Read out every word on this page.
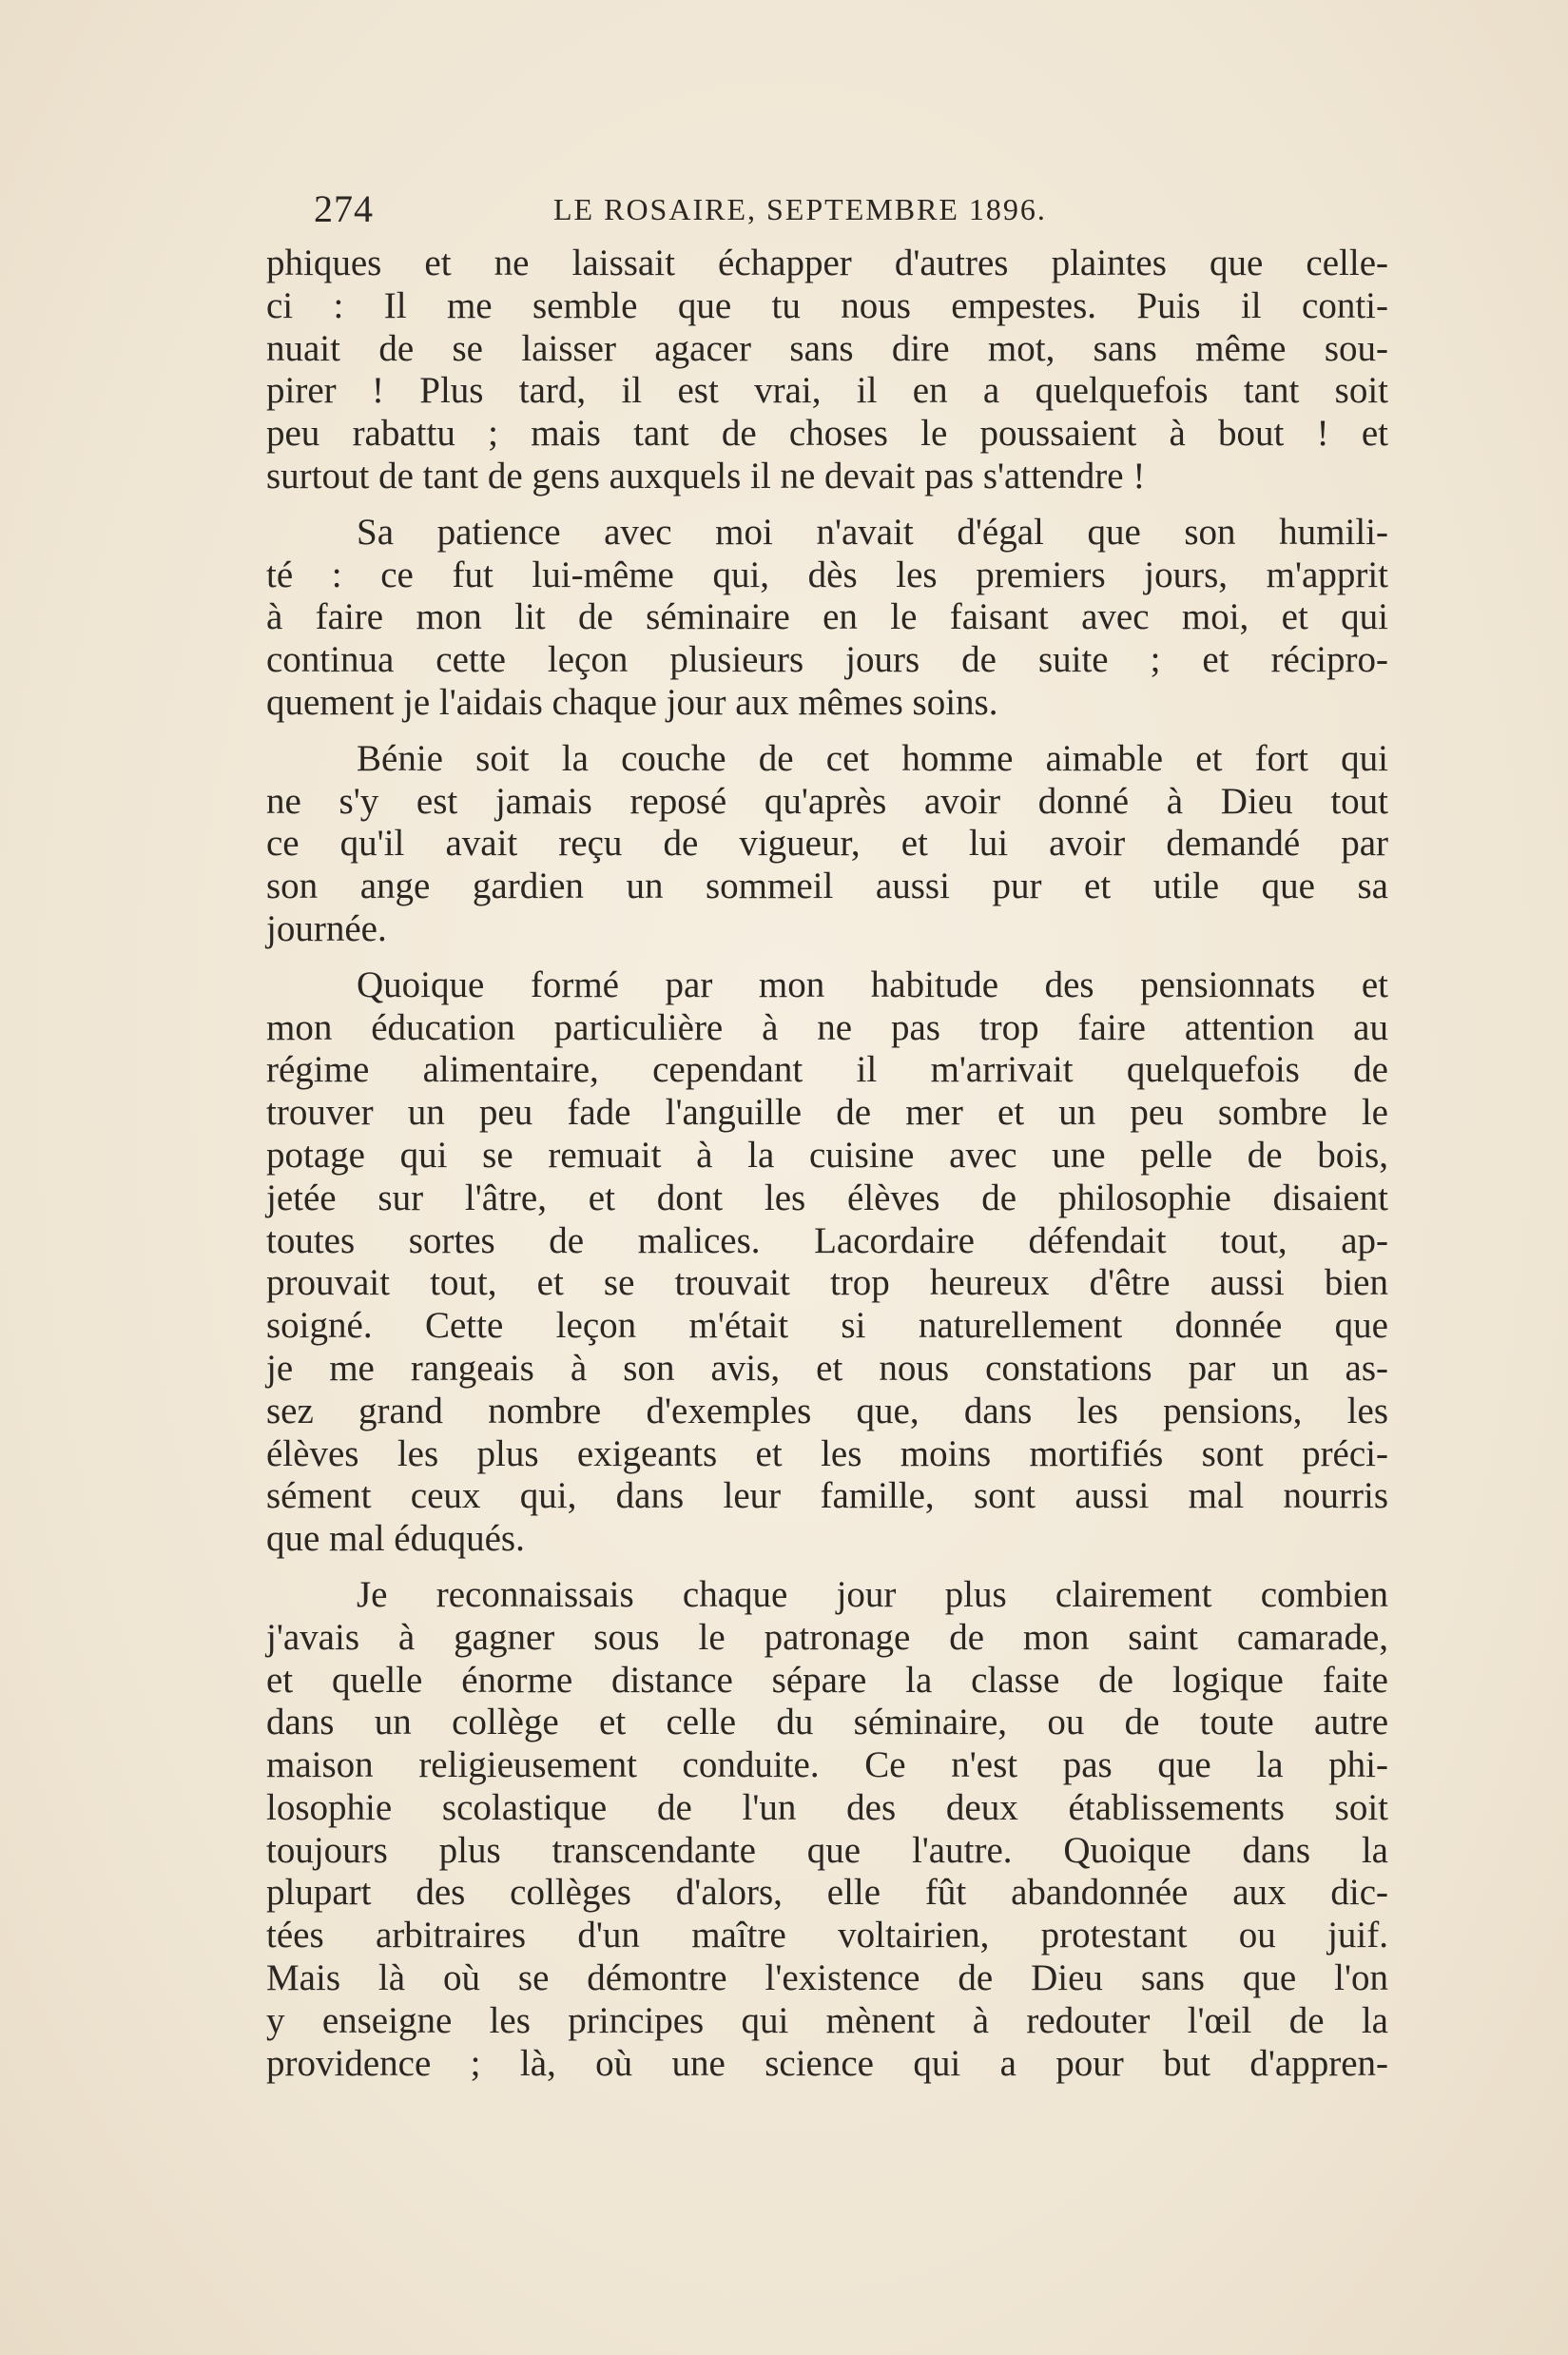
274	LE ROSAIRE, SEPTEMBRE 1896.
phiques et ne laissait échapper d'autres plaintes que celle-
ci : Il me semble que tu nous empestes. Puis il conti-
nuait de se laisser agacer sans dire mot, sans même sou-
pirer ! Plus tard, il est vrai, il en a quelquefois tant soit
peu rabattu ; mais tant de choses le poussaient à bout ! et
surtout de tant de gens auxquels il ne devait pas s'attendre !
Sa patience avec moi n'avait d'égal que son humili-
té : ce fut lui-même qui, dès les premiers jours, m'apprit
à faire mon lit de séminaire en le faisant avec moi, et qui
continua cette leçon plusieurs jours de suite ; et récipro-
quement je l'aidais chaque jour aux mêmes soins.
Bénie soit la couche de cet homme aimable et fort qui
ne s'y est jamais reposé qu'après avoir donné à Dieu tout
ce qu'il avait reçu de vigueur, et lui avoir demandé par
son ange gardien un sommeil aussi pur et utile que sa
journée.
Quoique formé par mon habitude des pensionnats et
mon éducation particulière à ne pas trop faire attention au
régime alimentaire, cependant il m'arrivait quelquefois de
trouver un peu fade l'anguille de mer et un peu sombre le
potage qui se remuait à la cuisine avec une pelle de bois,
jetée sur l'âtre, et dont les élèves de philosophie disaient
toutes sortes de malices. Lacordaire défendait tout, ap-
prouvait tout, et se trouvait trop heureux d'être aussi bien
soigné. Cette leçon m'était si naturellement donnée que
je me rangeais à son avis, et nous constations par un as-
sez grand nombre d'exemples que, dans les pensions, les
élèves les plus exigeants et les moins mortifiés sont préci-
sément ceux qui, dans leur famille, sont aussi mal nourris
que mal éduqués.
Je reconnaissais chaque jour plus clairement combien
j'avais à gagner sous le patronage de mon saint camarade,
et quelle énorme distance sépare la classe de logique faite
dans un collège et celle du séminaire, ou de toute autre
maison religieusement conduite. Ce n'est pas que la phi-
losophie scolastique de l'un des deux établissements soit
toujours plus transcendante que l'autre. Quoique dans la
plupart des collèges d'alors, elle fût abandonnée aux dic-
tées arbitraires d'un maître voltairien, protestant ou juif.
Mais là où se démontre l'existence de Dieu sans que l'on
y enseigne les principes qui mènent à redouter l'œil de la
providence ; là, où une science qui a pour but d'appren-
